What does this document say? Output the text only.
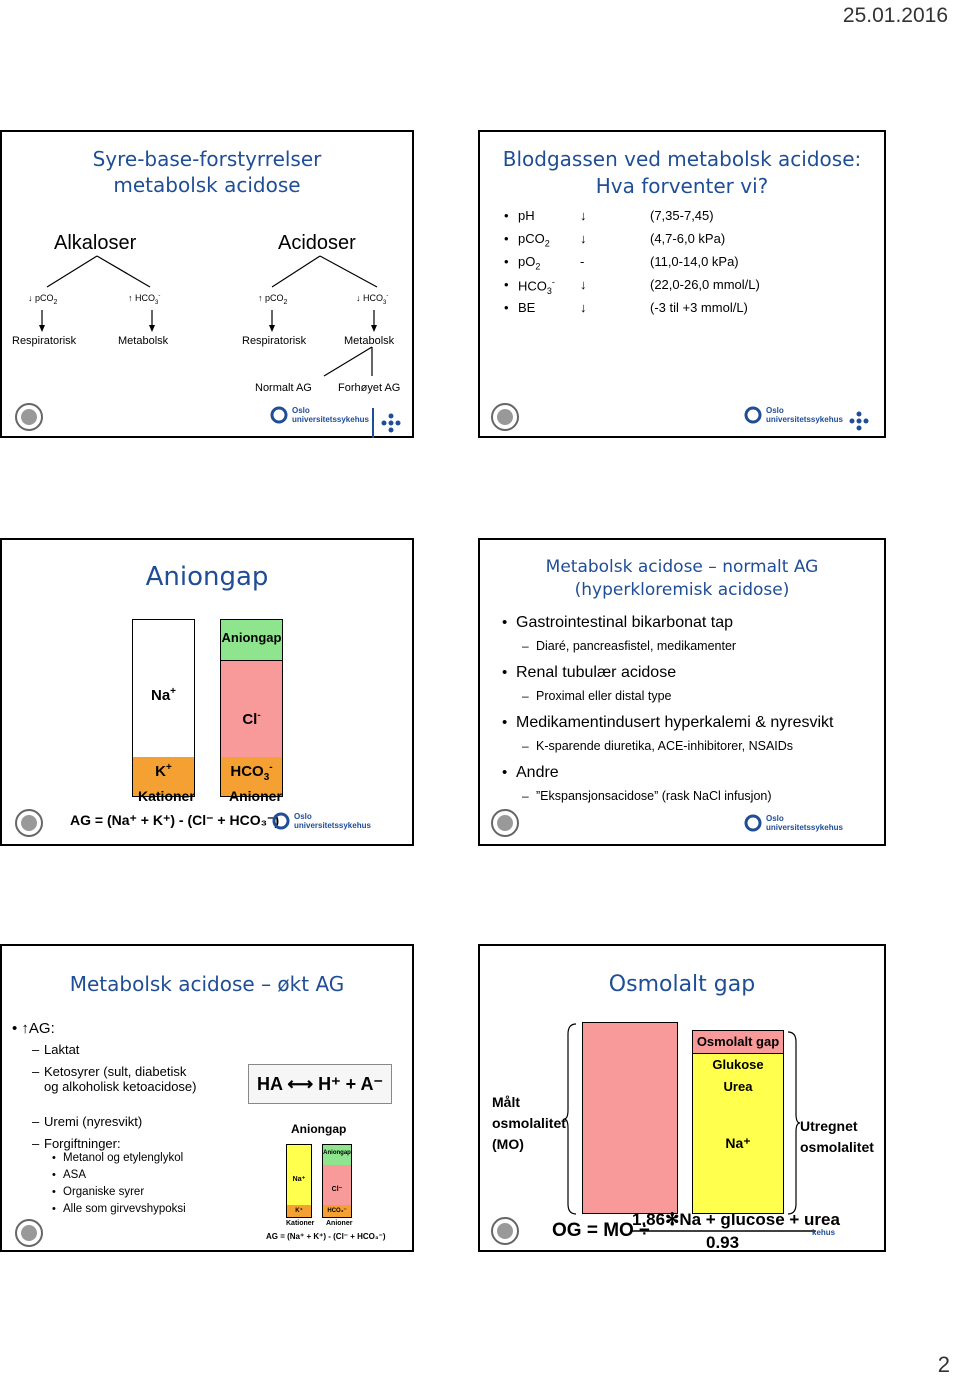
25.01.2016
Syre-base-forstyrrelser
metabolsk acidose
Alkaloser	Acidoser
↓ pCO$_2$	↑ $HCO_3^-$	↑ pCO$_2$	↓ $HCO_3^-$
Respiratorisk	Metabolsk	Respiratorisk	Metabolsk
Normalt AG Forhøyet AG
Oslo
universitetssykehus
Blodgassen ved metabolsk acidose:
Hva forventer vi?
• pH	↓	(7,35-7,45)
• pCO$_2$ ↓	(4,7-6,0 kPa)
• $pO_2$	-	(11,0-14,0 kPa)
• $HCO_3^-$ ↓	(22,0-26,0 mmol/L)
• BE	↓	(-3 til +3 mmol/L)
Oslo
universitetssykehus
Aniongap
Na+
K+
Kationer
Aniongap
Cl-
$HCO_3^-$
Anioner
AG = (Na⁺ + K⁺) - (Cl⁻ + HCO₃⁻) Oslo
universitetssykehus
Metabolsk acidose – normalt AG
(hyperkloremisk acidose)
• Gastrointestinal bikarbonat tap
– Diaré, pancreasfistel, medikamenter
• Renal tubulær acidose
– Proximal eller distal type
• Medikamentindusert hyperkalemi & nyresvikt
– K-sparende diuretika, ACE-inhibitorer, NSAIDs
• Andre
– ”Ekspansjonsacidose” (rask NaCl infusjon)
Oslo
universitetssykehus
Metabolsk acidose – økt AG
• ↑AG:
– Laktat
– Ketosyrer (sult, diabetisk og alkoholisk ketoacidose)
– Uremi (nyresvikt)
– Forgiftninger:
• Metanol og etylenglykol
• ASA
• Organiske syrer
• Alle som girvevshypoksi
HA ⟷ H⁺ + A⁻
Aniongap
Na⁺
K⁺
Aniongap
Cl⁻
HCO₃⁻
Kationer Anioner
AG = (Na⁺ + K⁺) - (Cl⁻ + HCO₃⁻)
Osmolalt gap
Målt
osmolalitet
(MO)
Osmolalt gap
Glukose
Urea
Na⁺
Utregnet
osmolalitet
OG = MO ÷
1.86✻Na + glucose + urea
0.93
kehus
2
